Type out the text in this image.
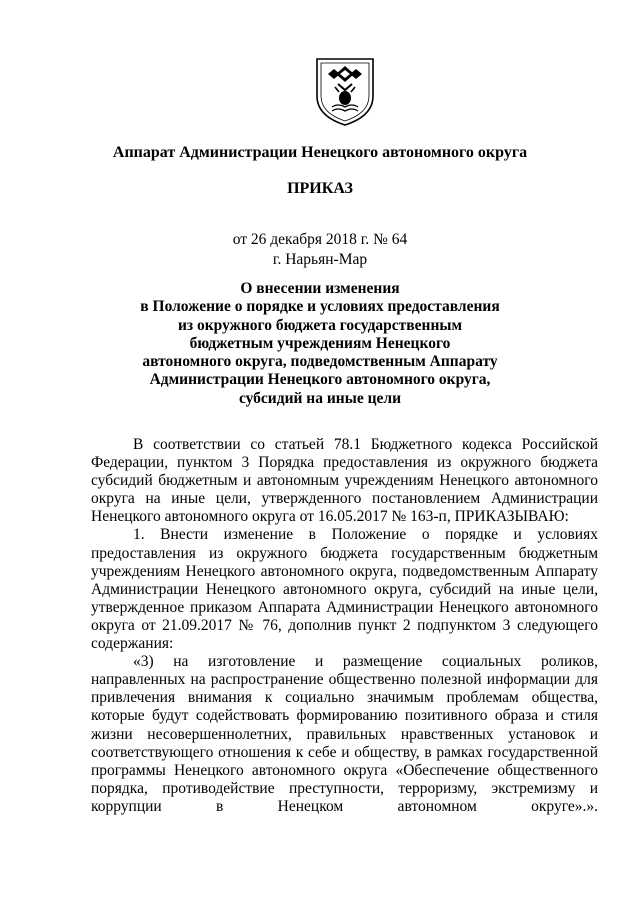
Аппарат Администрации Ненецкого автономного округа
ПРИКАЗ
от 26 декабря 2018 г. № 64
г. Нарьян-Мар
О внесении изменения
в Положение о порядке и условиях предоставления
из окружного бюджета государственным
бюджетным учреждениям Ненецкого
автономного округа, подведомственным Аппарату
Администрации Ненецкого автономного округа,
субсидий на иные цели

В соответствии со статьей 78.1 Бюджетного кодекса Российской Федерации, пунктом 3 Порядка предоставления из окружного бюджета субсидий бюджетным и автономным учреждениям Ненецкого автономного округа на иные цели, утвержденного постановлением Администрации Ненецкого автономного округа от 16.05.2017 № 163-п, ПРИКАЗЫВАЮ:

1. Внести изменение в Положение о порядке и условиях предоставления из окружного бюджета государственным бюджетным учреждениям Ненецкого автономного округа, подведомственным Аппарату Администрации Ненецкого автономного округа, субсидий на иные цели, утвержденное приказом Аппарата Администрации Ненецкого автономного округа от 21.09.2017 № 76, дополнив пункт 2 подпунктом 3 следующего содержания:

«3) на изготовление и размещение социальных роликов, направленных на распространение общественно полезной информации для привлечения внимания к социально значимым проблемам общества, которые будут содействовать формированию позитивного образа и стиля жизни несовершеннолетних, правильных нравственных установок и соответствующего отношения к себе и обществу, в рамках государственной программы Ненецкого автономного округа «Обеспечение общественного порядка, противодействие преступности, терроризму, экстремизму и коррупции в Ненецком автономном округе».».
